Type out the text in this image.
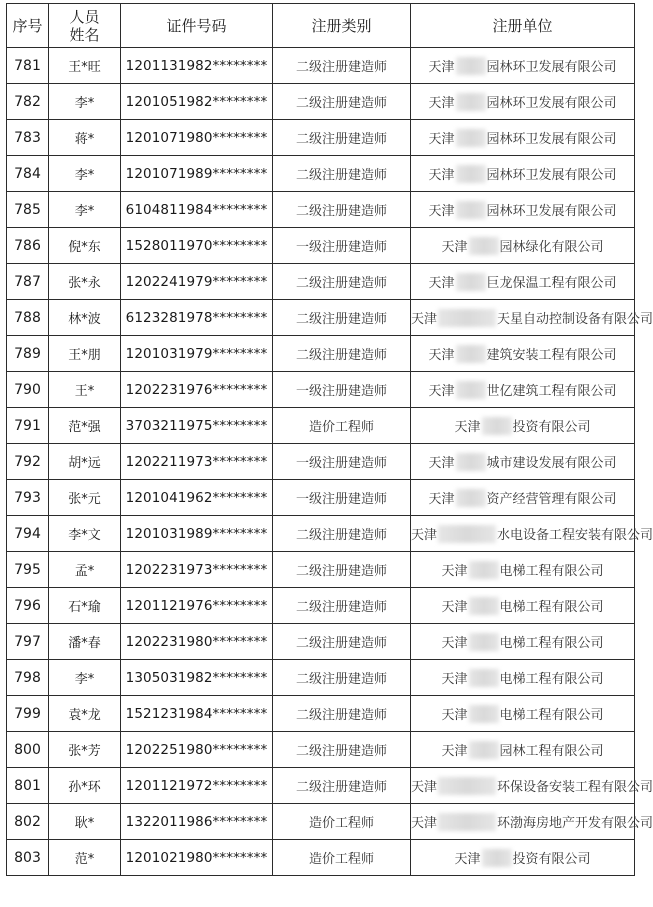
序号	人员姓名	证件号码	注册类别	注册单位
781	王*旺	1201131982********	二级注册建造师	天津 园林环卫发展有限公司
782	李*	1201051982********	二级注册建造师	天津 园林环卫发展有限公司
783	蒋*	1201071980********	二级注册建造师	天津 园林环卫发展有限公司
784	李*	1201071989********	二级注册建造师	天津 园林环卫发展有限公司
785	李*	6104811984********	二级注册建造师	天津 园林环卫发展有限公司
786	倪*东	1528011970********	一级注册建造师	天津 园林绿化有限公司
787	张*永	1202241979********	二级注册建造师	天津 巨龙保温工程有限公司
788	林*波	6123281978********	二级注册建造师	天津 天星自动控制设备有限公司
789	王*朋	1201031979********	二级注册建造师	天津 建筑安装工程有限公司
790	王*	1202231976********	一级注册建造师	天津 世亿建筑工程有限公司
791	范*强	3703211975********	造价工程师	天津 投资有限公司
792	胡*远	1202211973********	一级注册建造师	天津 城市建设发展有限公司
793	张*元	1201041962********	一级注册建造师	天津 资产经营管理有限公司
794	李*文	1201031989********	二级注册建造师	天津 水电设备工程安装有限公司
795	孟*	1202231973********	二级注册建造师	天津 电梯工程有限公司
796	石*瑜	1201121976********	二级注册建造师	天津 电梯工程有限公司
797	潘*春	1202231980********	二级注册建造师	天津 电梯工程有限公司
798	李*	1305031982********	二级注册建造师	天津 电梯工程有限公司
799	袁*龙	1521231984********	二级注册建造师	天津 电梯工程有限公司
800	张*芳	1202251980********	二级注册建造师	天津 园林工程有限公司
801	孙*环	1201121972********	二级注册建造师	天津 环保设备安装工程有限公司
802	耿*	1322011986********	造价工程师	天津 环渤海房地产开发有限公司
803	范*	1201021980********	造价工程师	天津 投资有限公司
